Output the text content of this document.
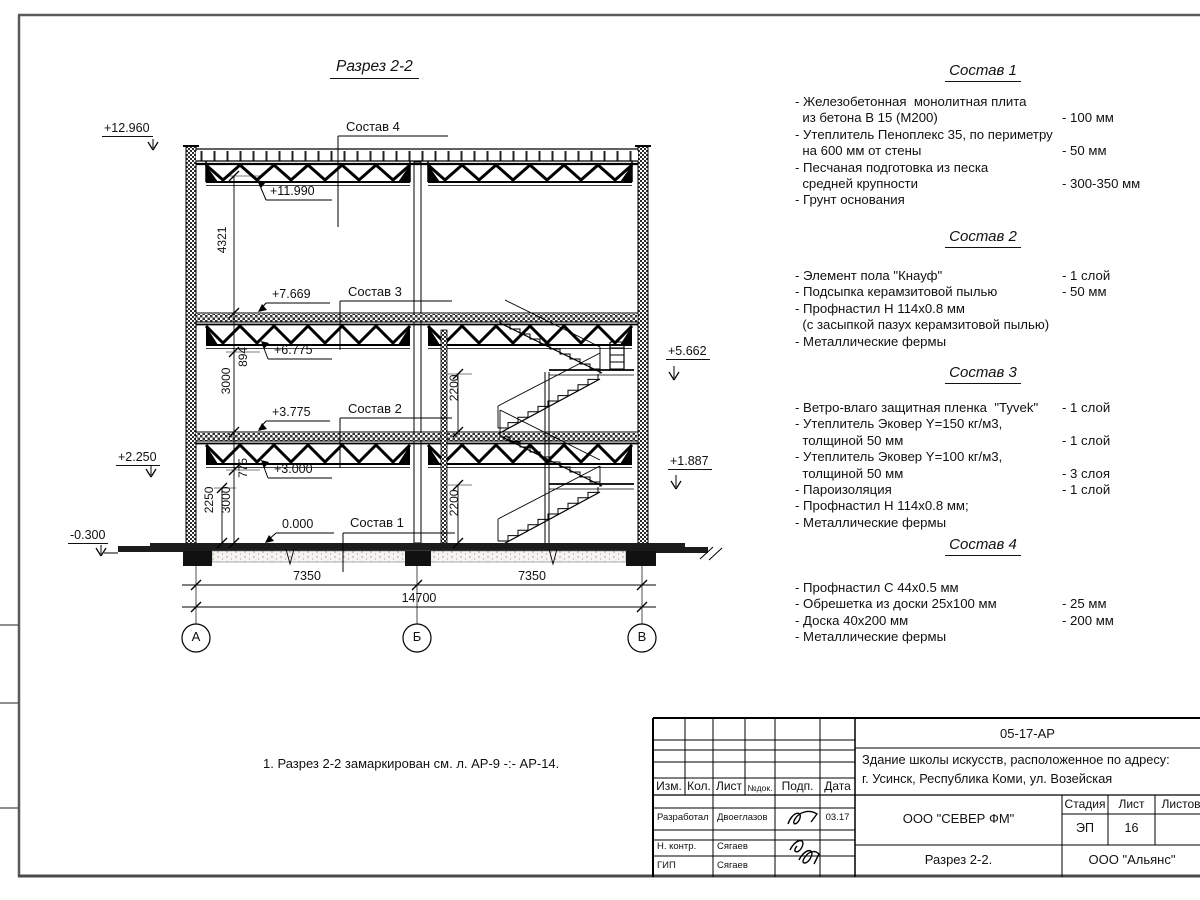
Разрез 2-2
+12.960
+2.250
-0.300
+5.662
+1.887
+11.990
+7.669
+6.775
+3.775
+3.000
0.000
Состав 4
Состав 3
Состав 2
Состав 1
4321
894
3000
775
3000
2250
2200
2200
7350	7350
14700
А	Б	В
1. Разрез 2-2 замаркирован см. л. АР-9 -:- АР-14.
Состав 1
- Железобетонная  монолитная плита
из бетона В 15 (М200)	- 100 мм
- Утеплитель Пеноплекс 35, по периметру
на 600 мм от стены	- 50 мм
- Песчаная подготовка из песка
средней крупности	- 300-350 мм
- Грунт основания
Состав 2
- Элемент пола "Кнауф"	- 1 слой
- Подсыпка керамзитовой пылью	- 50 мм
- Профнастил Н 114х0.8 мм
(с засыпкой пазух керамзитовой пылью)
- Металлические фермы
Состав 3
- Ветро-влаго защитная пленка  "Tyvek" - 1 слой
- Утеплитель Эковер Y=150 кг/м3,
толщиной 50 мм	- 1 слой
- Утеплитель Эковер Y=100 кг/м3,
толщиной 50 мм	- 3 слоя
- Пароизоляция	- 1 слой
- Профнастил Н 114х0.8 мм;
- Металлические фермы
Состав 4
- Профнастил С 44х0.5 мм
- Обрешетка из доски 25х100 мм	- 25 мм
- Доска 40х200 мм	- 200 мм
- Металлические фермы
05-17-АР
Здание школы искусств, расположенное по адресу:
г. Усинск, Республика Коми, ул. Возейская
Изм. Кол. Лист №док. Подп. Дата
Разработал Двоеглазов	03.17
Н. контр. Сягаев
ГИП	Сягаев
ООО "СЕВЕР ФМ"
Стадия	Лист	Листов
ЭП	16
Разрез 2-2.	ООО "Альянс"
